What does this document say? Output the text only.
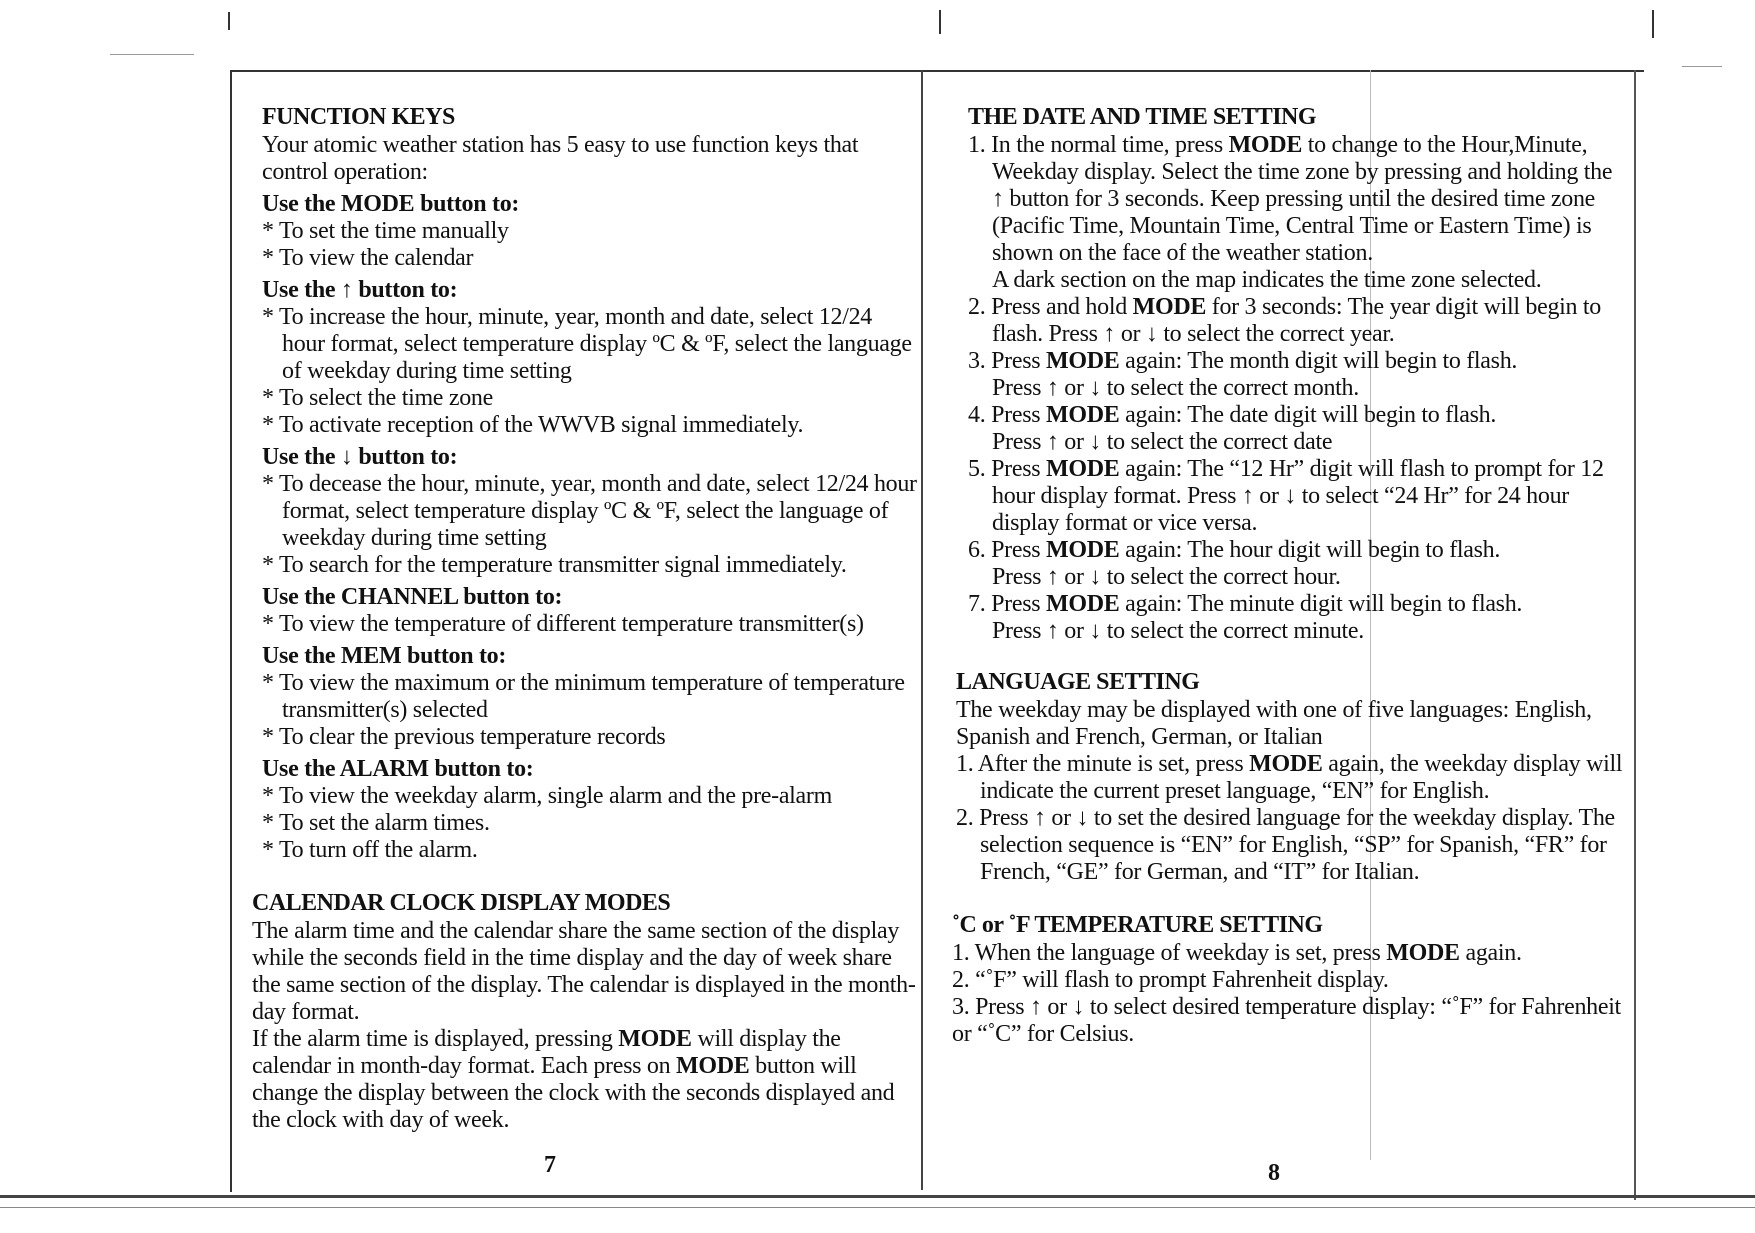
FUNCTION KEYS

Your atomic weather station has 5 easy to use function keys that control operation:

Use the MODE button to:

* To set the time manually

* To view the calendar

Use the ↑ button to:

* To increase the hour, minute, year, month and date, select 12/24 hour format, select temperature display ºC & ºF, select the language of weekday during time setting

* To select the time zone

* To activate reception of the WWVB signal immediately.

Use the ↓ button to:

* To decease the hour, minute, year, month and date, select 12/24 hour format, select temperature display ºC & ºF, select the language of weekday during time setting

* To search for the temperature transmitter signal immediately.

Use the CHANNEL button to:

* To view the temperature of different temperature transmitter(s)

Use the MEM button to:

* To view the maximum or the minimum temperature of temperature transmitter(s) selected

* To clear the previous temperature records

Use the ALARM button to:

* To view the weekday alarm, single alarm and the pre-alarm

* To set the alarm times.

* To turn off the alarm.

CALENDAR CLOCK DISPLAY MODES

The alarm time and the calendar share the same section of the display while the seconds field in the time display and the day of week share the same section of the display. The calendar is displayed in the month-day format.

If the alarm time is displayed, pressing MODE will display the calendar in month-day format. Each press on MODE button will change the display between the clock with the seconds displayed and the clock with day of week.

7
THE DATE AND TIME SETTING

1. In the normal time, press MODE to change to the Hour,Minute, Weekday display. Select the time zone by pressing and holding the ↑ button for 3 seconds. Keep pressing until the desired time zone (Pacific Time, Mountain Time, Central Time or Eastern Time) is shown on the face of the weather station.

A dark section on the map indicates the time zone selected.

2. Press and hold MODE for 3 seconds: The year digit will begin to flash. Press ↑ or ↓ to select the correct year.

3. Press MODE again: The month digit will begin to flash.

Press ↑ or ↓ to select the correct month.

4. Press MODE again: The date digit will begin to flash.

Press ↑ or ↓ to select the correct date

5. Press MODE again: The “12 Hr” digit will flash to prompt for 12 hour display format. Press ↑ or ↓ to select “24 Hr” for 24 hour display format or vice versa.

6. Press MODE again: The hour digit will begin to flash.

Press ↑ or ↓ to select the correct hour.

7. Press MODE again: The minute digit will begin to flash.

Press ↑ or ↓ to select the correct minute.

LANGUAGE SETTING

The weekday may be displayed with one of five languages: English, Spanish and French, German, or Italian

1. After the minute is set, press MODE again, the weekday display will indicate the current preset language, “EN” for English.

2. Press ↑ or ↓ to set the desired language for the weekday display. The selection sequence is “EN” for English, “SP” for Spanish, “FR” for French, “GE” for German, and “IT” for Italian.

˚C or ˚F TEMPERATURE SETTING

1. When the language of weekday is set, press MODE again.

2. “˚F” will flash to prompt Fahrenheit display.

3. Press ↑ or ↓ to select desired temperature display: “˚F” for Fahrenheit or “˚C” for Celsius.

8
